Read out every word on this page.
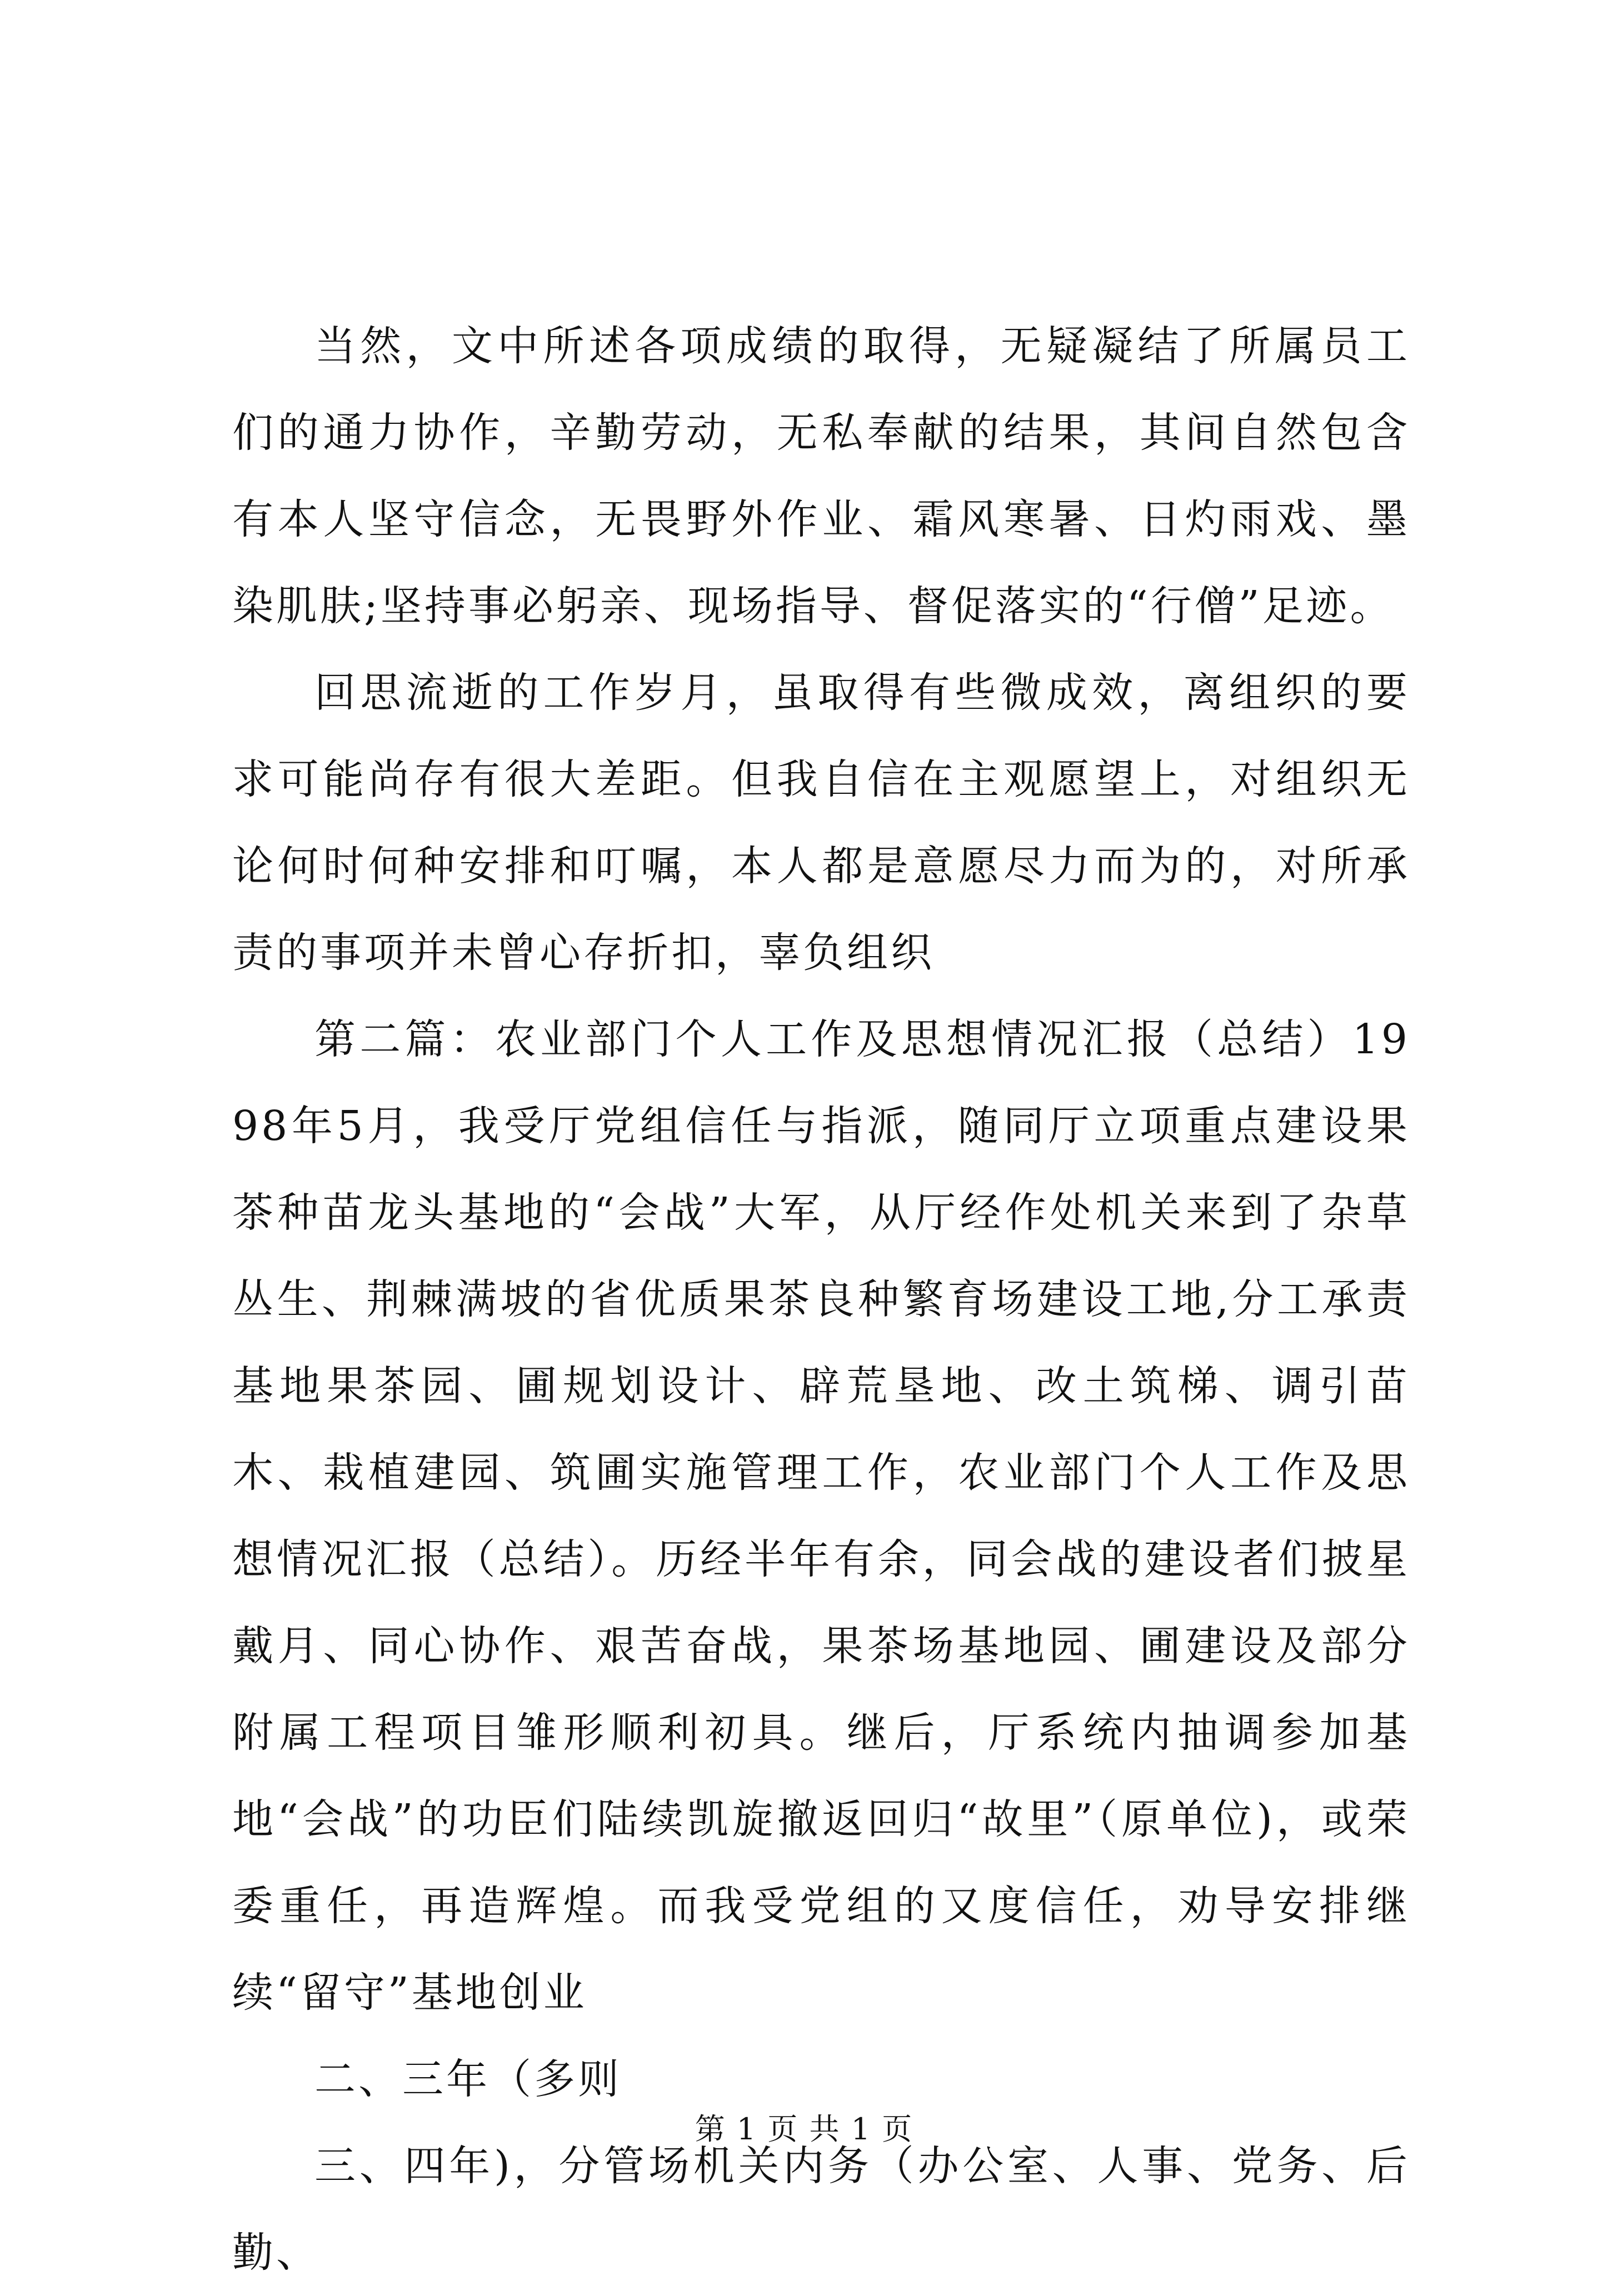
当然，文中所述各项成绩的取得，无疑凝结了所属员工们的通力协作，辛勤劳动，无私奉献的结果，其间自然包含有本人坚守信念，无畏野外作业、霜风寒暑、日灼雨戏、墨染肌肤;坚持事必躬亲、现场指导、督促落实的“行僧”足迹。

回思流逝的工作岁月，虽取得有些微成效，离组织的要求可能尚存有很大差距。但我自信在主观愿望上，对组织无论何时何种安排和叮嘱，本人都是意愿尽力而为的，对所承责的事项并未曾心存折扣，辜负组织

第二篇：农业部门个人工作及思想情况汇报（总结）1998年5月，我受厅党组信任与指派，随同厅立项重点建设果茶种苗龙头基地的“会战”大军，从厅经作处机关来到了杂草丛生、荆棘满坡的省优质果茶良种繁育场建设工地,分工承责基地果茶园、圃规划设计、辟荒垦地、改土筑梯、调引苗木、栽植建园、筑圃实施管理工作，农业部门个人工作及思想情况汇报（总结）。历经半年有余，同会战的建设者们披星戴月、同心协作、艰苦奋战，果茶场基地园、圃建设及部分附属工程项目雏形顺利初具。继后，厅系统内抽调参加基地“会战”的功臣们陆续凯旋撤返回归“故里”（原单位)，或荣委重任，再造辉煌。而我受党组的又度信任，劝导安排继续“留守”基地创业

二、三年（多则

三、四年)，分管场机关内务（办公室、人事、党务、后勤、

第 1 页 共 1 页
